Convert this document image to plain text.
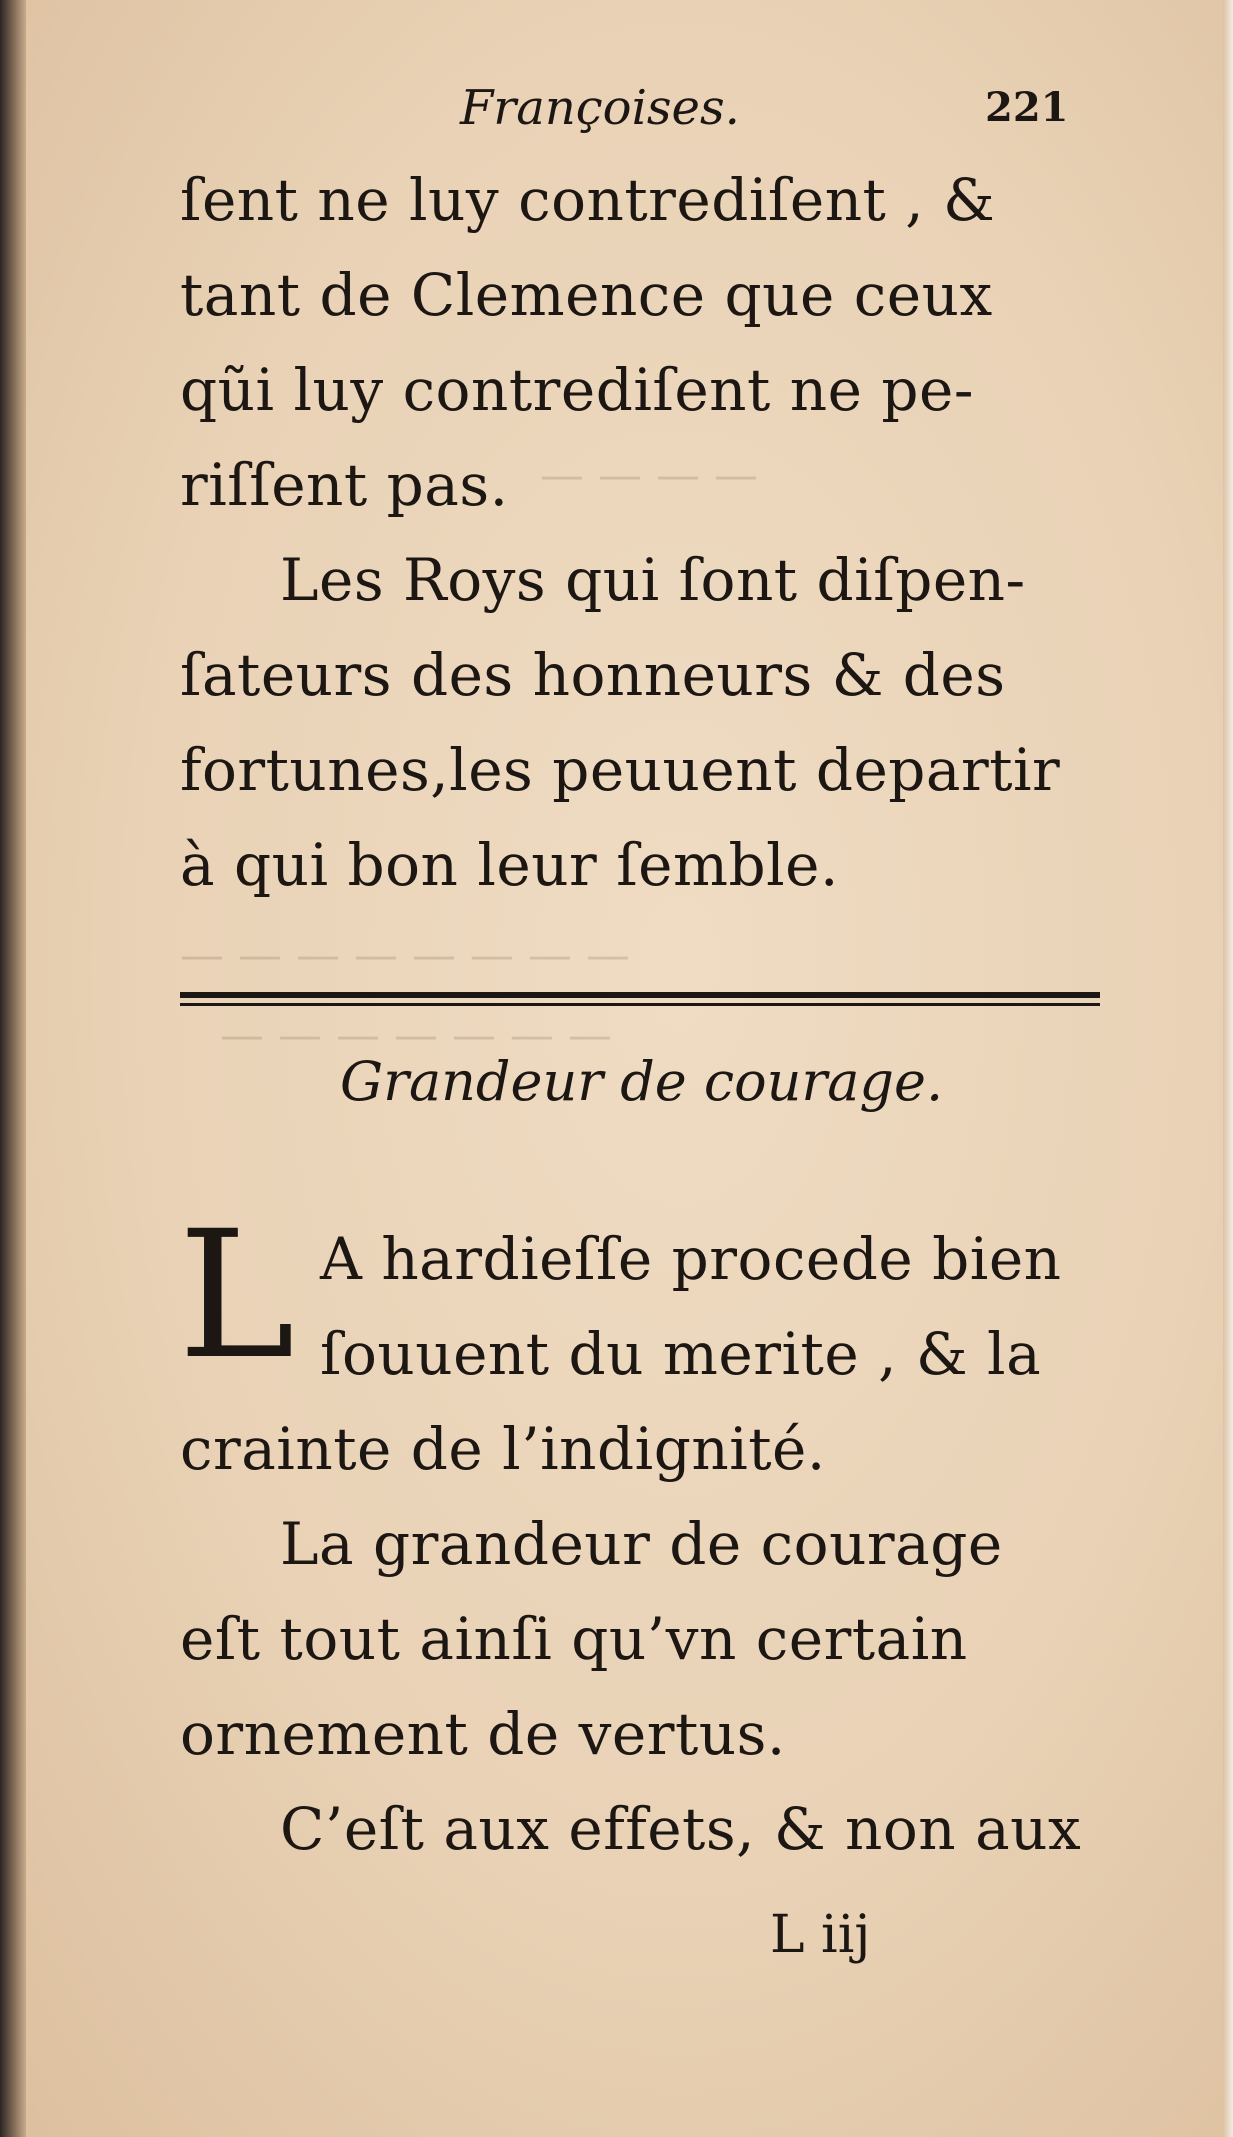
— — — —
— — — — — — — —
— — — — — — —
Françoises.	221
ſent ne luy contrediſent , &
tant de Clemence que ceux
qũi luy contrediſent ne pe-
riſſent pas.
Les Roys qui ſont diſpen-
ſateurs des honneurs & des
fortunes,les peuuent departir
à qui bon leur ſemble.
Grandeur de courage.
L A hardieſſe procede bien
ſouuent du merite , & la
crainte de l’indignité.
La grandeur de courage
eſt tout ainſi qu’vn certain
ornement de vertus.
C’eſt aux effets, & non aux
L iij
